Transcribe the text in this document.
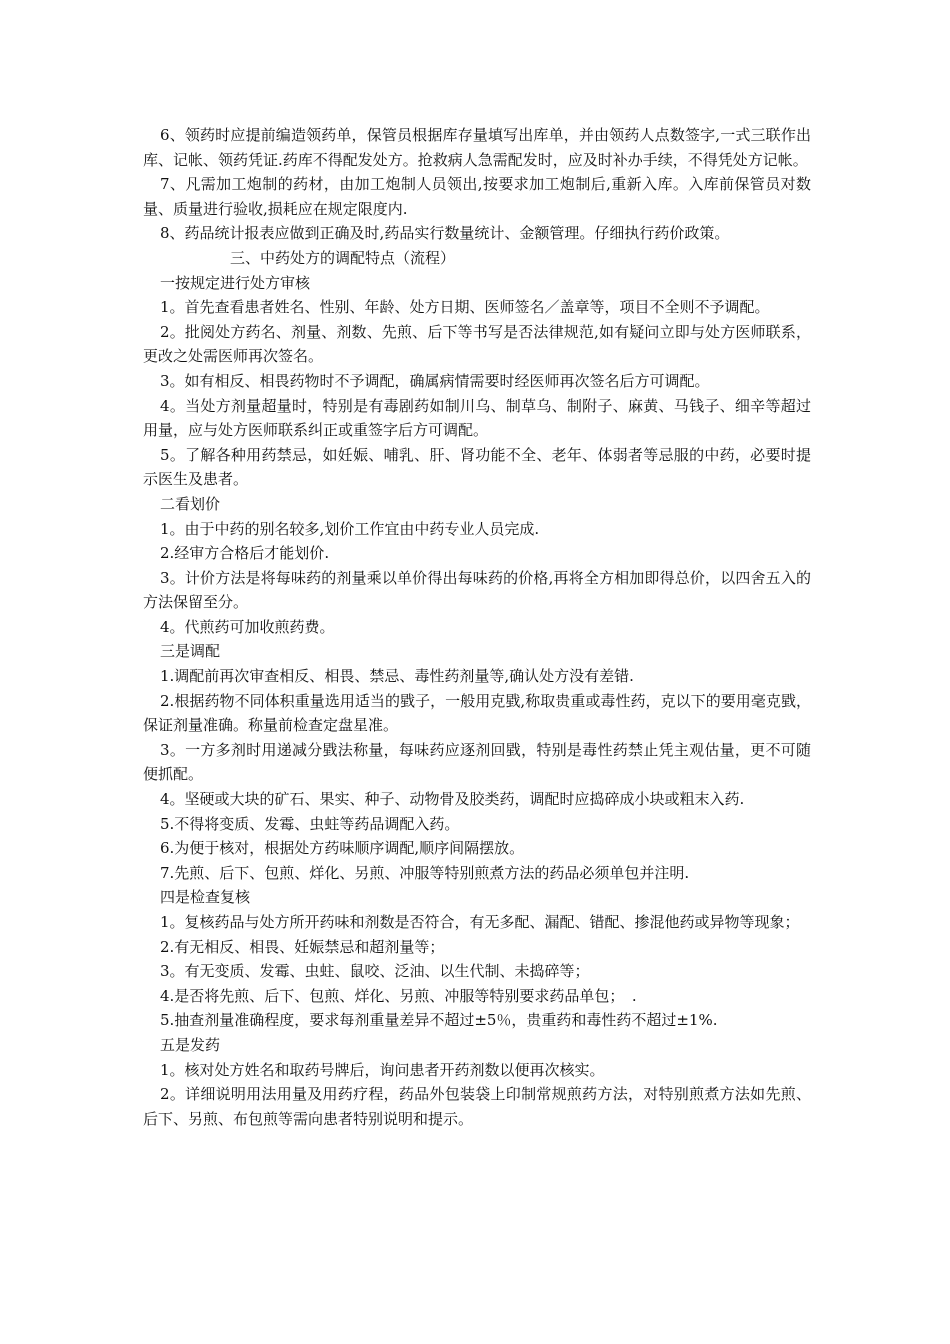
6、领药时应提前编造领药单，保管员根据库存量填写出库单，并由领药人点数签字,一式三联作出库、记帐、领药凭证.药库不得配发处方。抢救病人急需配发时，应及时补办手续，不得凭处方记帐。

7、凡需加工炮制的药材，由加工炮制人员领出,按要求加工炮制后,重新入库。入库前保管员对数量、质量进行验收,损耗应在规定限度内.

8、药品统计报表应做到正确及时,药品实行数量统计、金额管理。仔细执行药价政策。

三、中药处方的调配特点（流程）

一按规定进行处方审核

1。首先查看患者姓名、性别、年龄、处方日期、医师签名／盖章等，项目不全则不予调配。

2。批阅处方药名、剂量、剂数、先煎、后下等书写是否法律规范,如有疑问立即与处方医师联系，更改之处需医师再次签名。

3。如有相反、相畏药物时不予调配，确属病情需要时经医师再次签名后方可调配。

4。当处方剂量超量时，特别是有毒剧药如制川乌、制草乌、制附子、麻黄、马钱子、细辛等超过用量，应与处方医师联系纠正或重签字后方可调配。

5。了解各种用药禁忌，如妊娠、哺乳、肝、肾功能不全、老年、体弱者等忌服的中药，必要时提示医生及患者。

二看划价

1。由于中药的别名较多,划价工作宜由中药专业人员完成.

2.经审方合格后才能划价.

3。计价方法是将每味药的剂量乘以单价得出每味药的价格,再将全方相加即得总价，以四舍五入的方法保留至分。

4。代煎药可加收煎药费。

三是调配

1.调配前再次审查相反、相畏、禁忌、毒性药剂量等,确认处方没有差错.

2.根据药物不同体积重量选用适当的戥子，一般用克戥,称取贵重或毒性药，克以下的要用毫克戥，保证剂量准确。称量前检查定盘星准。

3。一方多剂时用递减分戥法称量，每味药应逐剂回戥，特别是毒性药禁止凭主观估量，更不可随便抓配。

4。坚硬或大块的矿石、果实、种子、动物骨及胶类药，调配时应捣碎成小块或粗末入药.

5.不得将变质、发霉、虫蛀等药品调配入药。

6.为便于核对，根据处方药味顺序调配,顺序间隔摆放。

7.先煎、后下、包煎、烊化、另煎、冲服等特别煎煮方法的药品必须单包并注明.

四是检查复核

1。复核药品与处方所开药味和剂数是否符合，有无多配、漏配、错配、掺混他药或异物等现象；

2.有无相反、相畏、妊娠禁忌和超剂量等；

3。有无变质、发霉、虫蛀、鼠咬、泛油、以生代制、未捣碎等；

4.是否将先煎、后下、包煎、烊化、另煎、冲服等特别要求药品单包；　.

5.抽查剂量准确程度，要求每剂重量差异不超过±5％，贵重药和毒性药不超过±1%.

五是发药

1。核对处方姓名和取药号牌后，询问患者开药剂数以便再次核实。

2。详细说明用法用量及用药疗程，药品外包装袋上印制常规煎药方法，对特别煎煮方法如先煎、后下、另煎、布包煎等需向患者特别说明和提示。
